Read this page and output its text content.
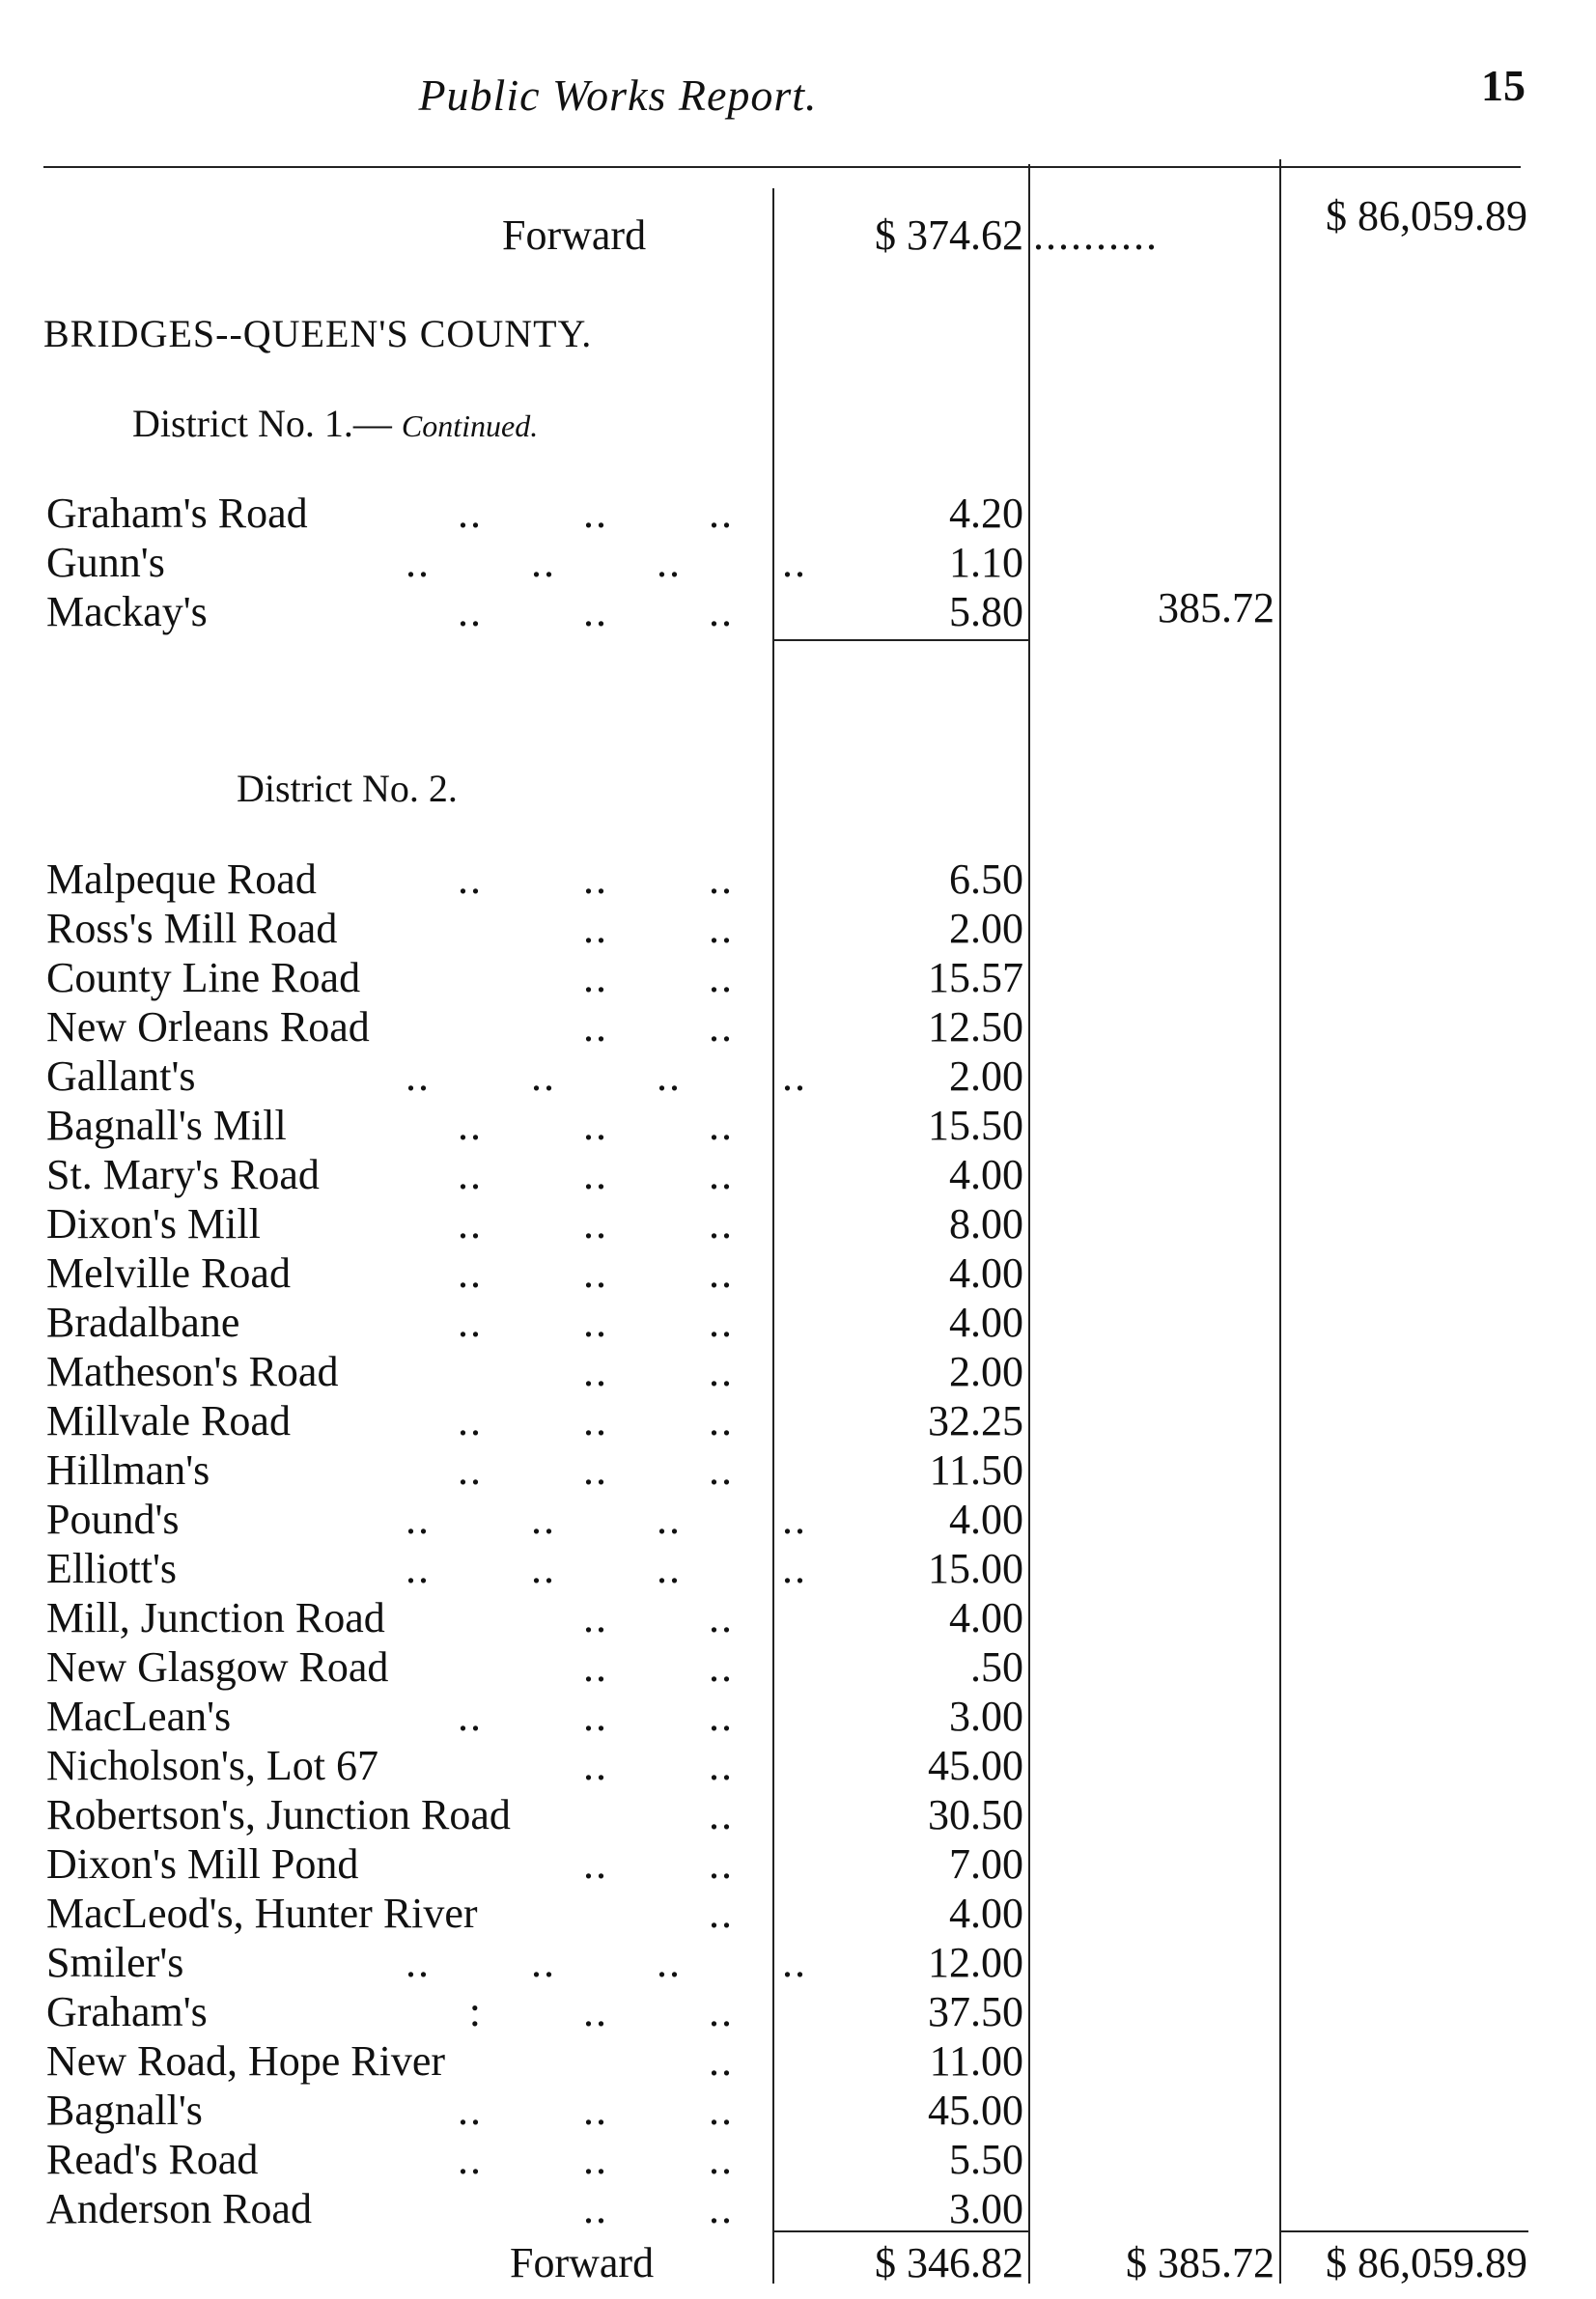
Public Works Report.	15
Forward	$ 374.62 ..........	$ 86,059.89
BRIDGES--QUEEN'S COUNTY.
District No. 1.— Continued.
Graham's Road	..        ..        ..	4.20
Gunn's	..        ..        ..        ..	1.10
Mackay's	..        ..        ..	5.80	385.72
District No. 2.
Malpeque Road	..        ..        ..	6.50
Ross's Mill Road	..        ..	2.00
County Line Road	..        ..	15.57
New Orleans Road	..        ..	12.50
Gallant's	..        ..        ..        ..	2.00
Bagnall's Mill	..        ..        ..	15.50
St. Mary's Road	..        ..        ..	4.00
Dixon's Mill	..        ..        ..	8.00
Melville Road	..        ..        ..	4.00
Bradalbane	..        ..        ..	4.00
Matheson's Road	..        ..	2.00
Millvale Road	..        ..        ..	32.25
Hillman's	..        ..        ..	11.50
Pound's	..        ..        ..        ..	4.00
Elliott's	..        ..        ..        ..	15.00
Mill, Junction Road	..        ..	4.00
New Glasgow Road	..        ..	.50
MacLean's	..        ..        ..	3.00
Nicholson's, Lot 67	..        ..	45.00
Robertson's, Junction Road	..	30.50
Dixon's Mill Pond	..        ..	7.00
MacLeod's, Hunter River	..	4.00
Smiler's	..        ..        ..        ..	12.00
Graham's	:        ..        ..	37.50
New Road, Hope River	..	11.00
Bagnall's	..        ..        ..	45.00
Read's Road	..        ..        ..	5.50
Anderson Road	..        ..	3.00
Forward	$ 346.82	$ 385.72	$ 86,059.89
